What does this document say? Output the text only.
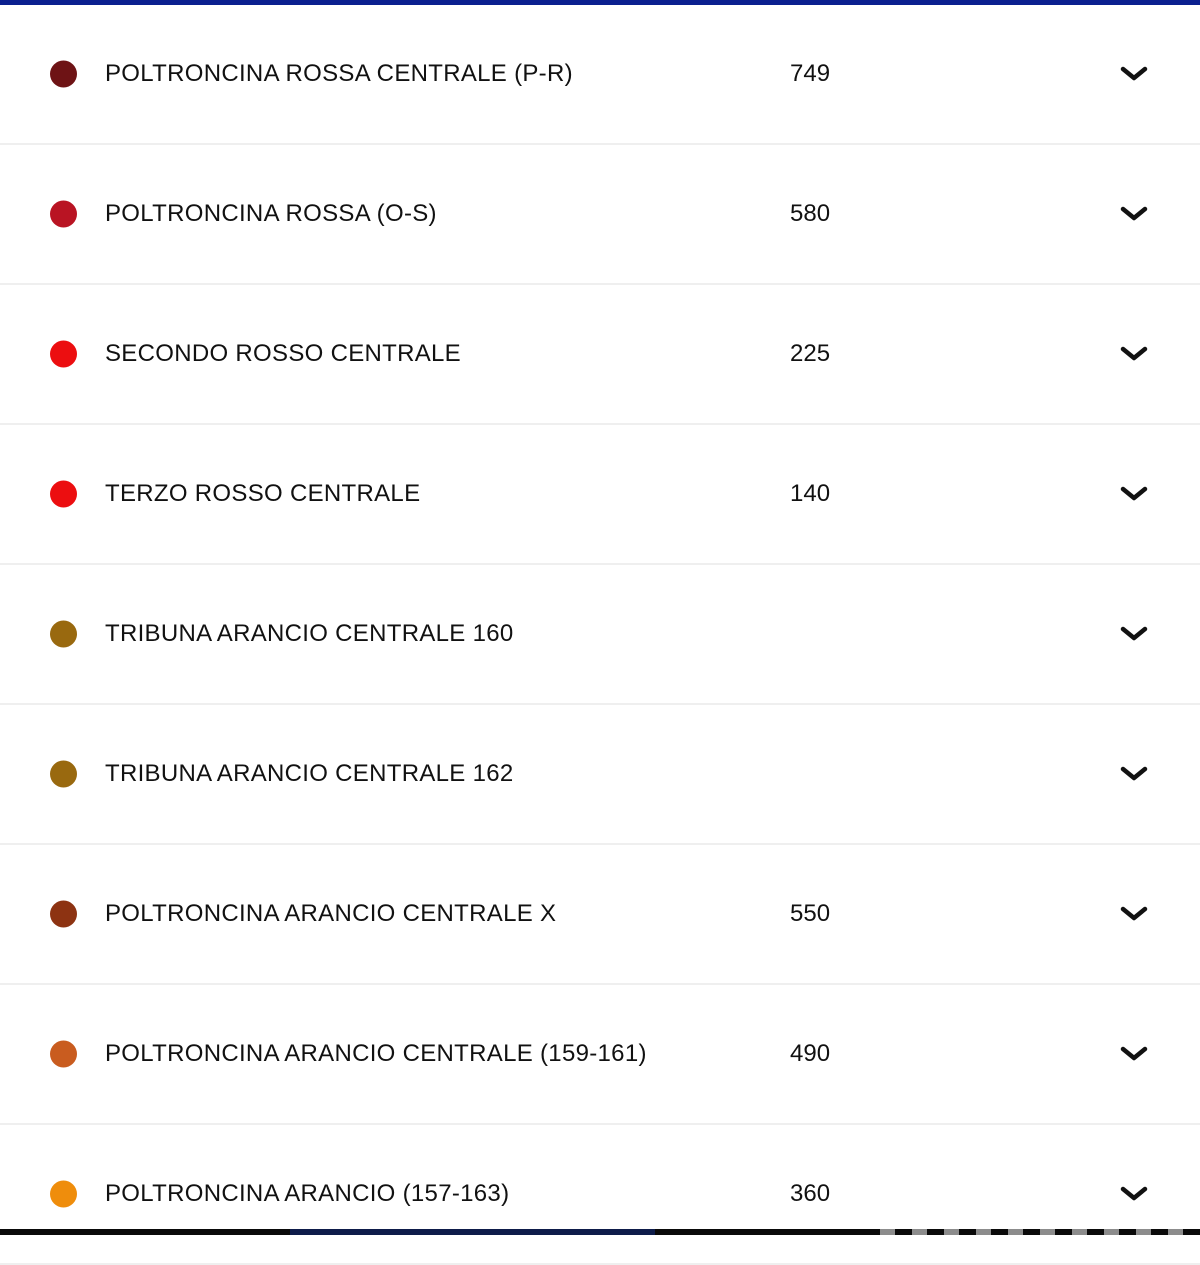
POLTRONCINA ROSSA CENTRALE (P-R)	749
POLTRONCINA ROSSA (O-S)	580
SECONDO ROSSO CENTRALE	225
TERZO ROSSO CENTRALE	140
TRIBUNA ARANCIO CENTRALE 160
TRIBUNA ARANCIO CENTRALE 162
POLTRONCINA ARANCIO CENTRALE X	550
POLTRONCINA ARANCIO CENTRALE (159-161)	490
POLTRONCINA ARANCIO (157-163)	360
